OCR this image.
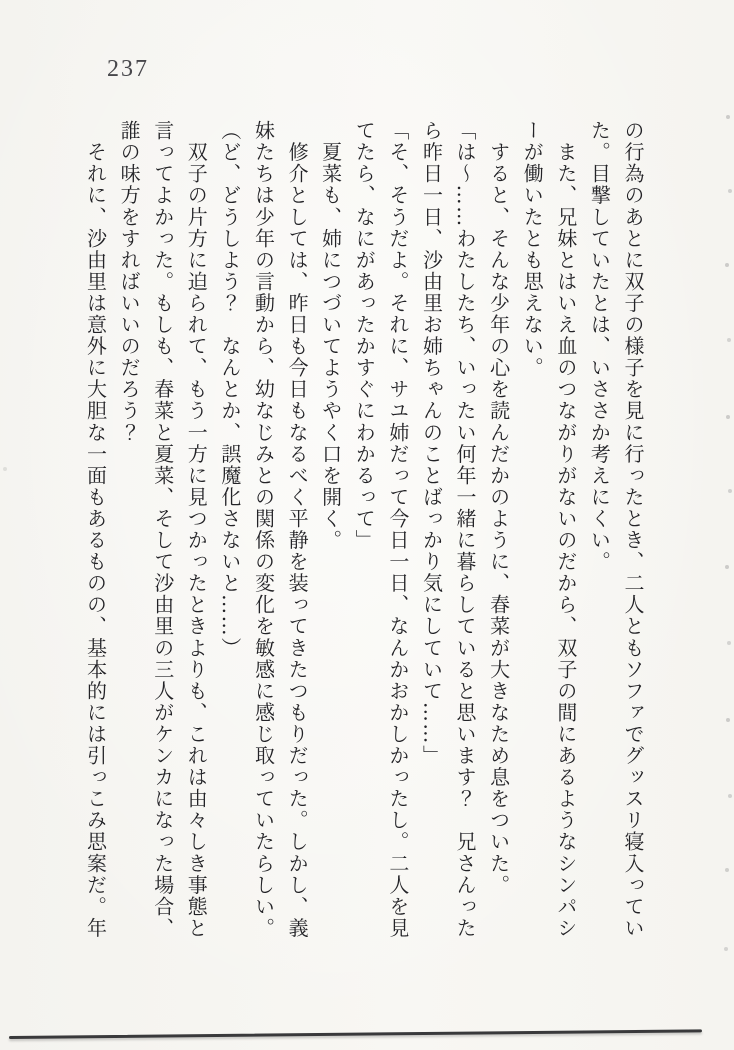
237
の行為のあとに双子の様子を見に行ったとき、二人ともソファでグッスリ寝入ってい
た。目撃していたとは、いささか考えにくい。
　また、兄妹とはいえ血のつながりがないのだから、双子の間にあるようなシンパシ
ーが働いたとも思えない。
　すると、そんな少年の心を読んだかのように、春菜が大きなため息をついた。
「は〜……わたしたち、いったい何年一緒に暮らしていると思います？　兄さんった
ら昨日一日、沙由里お姉ちゃんのことばっかり気にしていて……」
「そ、そうだよ。それに、サユ姉だって今日一日、なんかおかしかったし。二人を見
てたら、なにがあったかすぐにわかるって」
　夏菜も、姉につづいてようやく口を開く。
　修介としては、昨日も今日もなるべく平静を装ってきたつもりだった。しかし、義
妹たちは少年の言動から、幼なじみとの関係の変化を敏感に感じ取っていたらしい。
（ど、どうしよう？　なんとか、誤魔化さないと……）
　双子の片方に迫られて、もう一方に見つかったときよりも、これは由々しき事態と
言ってよかった。もしも、春菜と夏菜、そして沙由里の三人がケンカになった場合、
誰の味方をすればいいのだろう？
　それに、沙由里は意外に大胆な一面もあるものの、基本的には引っこみ思案だ。年
